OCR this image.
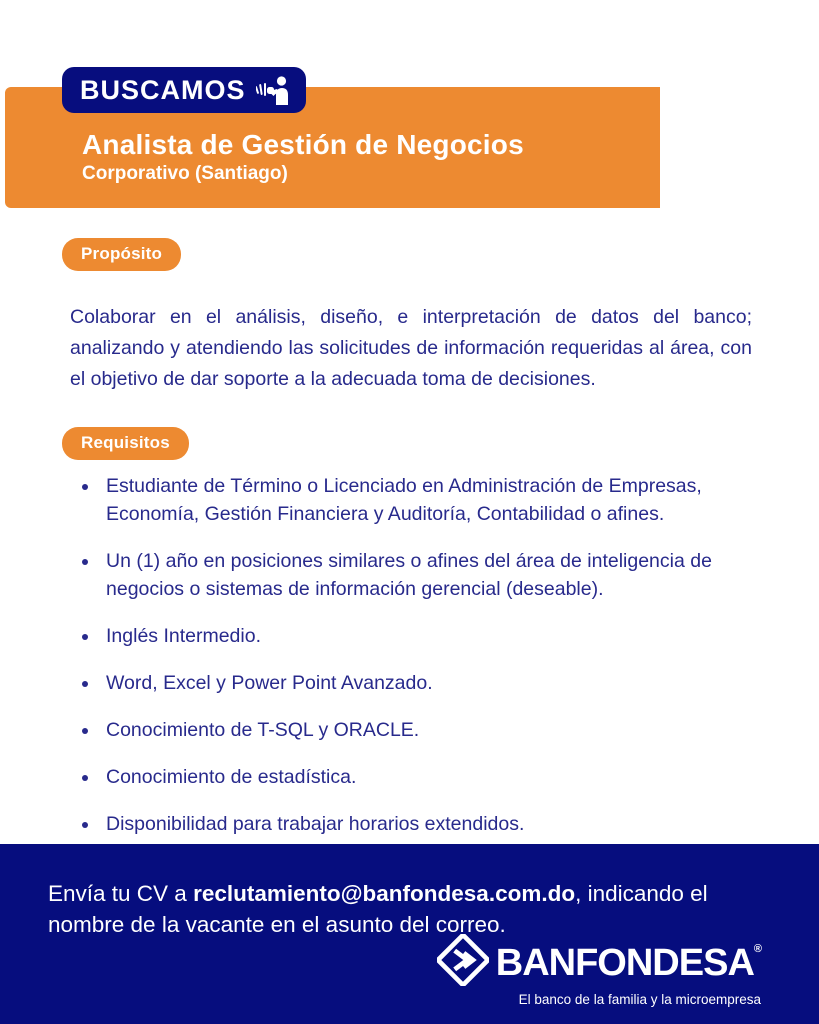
Analista de Gestión de Negocios
Corporativo (Santiago)
BUSCAMOS
Propósito

Colaborar en el análisis, diseño, e interpretación de datos del banco; analizando y atendiendo las solicitudes de información requeridas al área, con el objetivo de dar soporte a la adecuada toma de decisiones.

Requisitos
• Estudiante de Término o Licenciado en Administración de Empresas, Economía, Gestión Financiera y Auditoría, Contabilidad o afines.
• Un (1) año en posiciones similares o afines del área de inteligencia de negocios o sistemas de información gerencial (deseable).
• Inglés Intermedio.
• Word, Excel y Power Point Avanzado.
• Conocimiento de T-SQL y ORACLE.
• Conocimiento de estadística.
• Disponibilidad para trabajar horarios extendidos.

Envía tu CV a reclutamiento@banfondesa.com.do, indicando el nombre de la vacante en el asunto del correo.

BANFONDESA®
El banco de la familia y la microempresa
